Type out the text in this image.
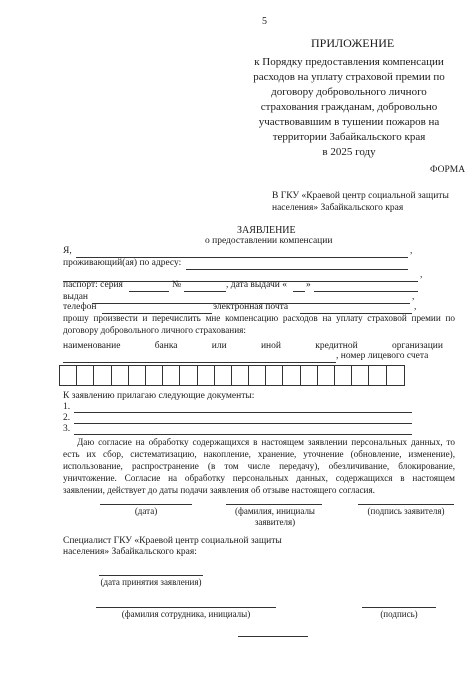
5
ПРИЛОЖЕНИЕ
к Порядку предоставления компенсации
расходов на уплату страховой премии по
договору добровольного личного
страхования гражданам, добровольно
участвовавшим в тушении пожаров на
территории Забайкальского края
в 2025 году
ФОРМА
В ГКУ «Краевой центр социальной защиты
населения» Забайкальского края
ЗАЯВЛЕНИЕ
о предоставлении компенсации
Я,	,
проживающий(ая) по адресу:
,
паспорт: серия	№	, дата выдачи « »
выдан	,
телефон	электронная почта	,
прошу произвести и перечислить мне компенсацию расходов на уплату страховой премии по договору добровольного личного страхования:
наименование	банка	или	иной	кредитной	организации
, номер лицевого счета
К заявлению прилагаю следующие документы:
1.
2.
3.
Даю согласие на обработку содержащихся в настоящем заявлении персональных данных, то есть их сбор, систематизацию, накопление, хранение, уточнение (обновление, изменение), использование, распространение (в том числе передачу), обезличивание, блокирование, уничтожение. Согласие на обработку персональных данных, содержащихся в настоящем заявлении, действует до даты подачи заявления об отзыве настоящего согласия.
(дата)	(фамилия, инициалы
заявителя)
(подпись заявителя)
Специалист ГКУ «Краевой центр социальной защиты
населения» Забайкальского края:
(дата принятия заявления)
(фамилия сотрудника, инициалы)	(подпись)
